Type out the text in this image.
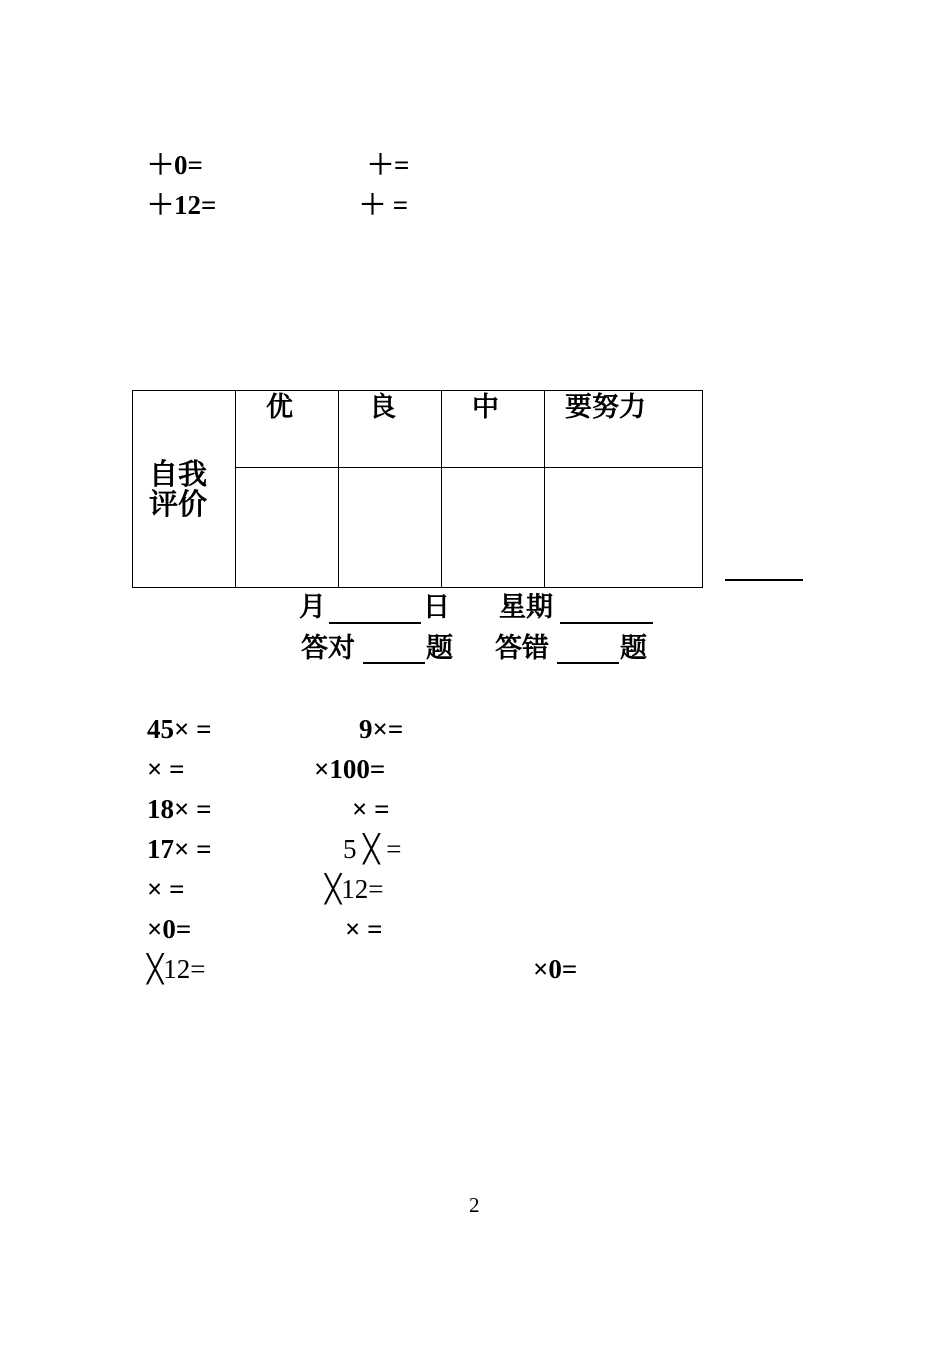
＋0=	＋=
＋12=	＋ =
自我
评价	优	良	中	要努力

月	日 星期
答对	题 答错	题
45× =	9×=
× =	×100=
18× =	× =
17× =	5 ╳ =
× =	╳12=
×0=	× =
╳12=	×0=
2
